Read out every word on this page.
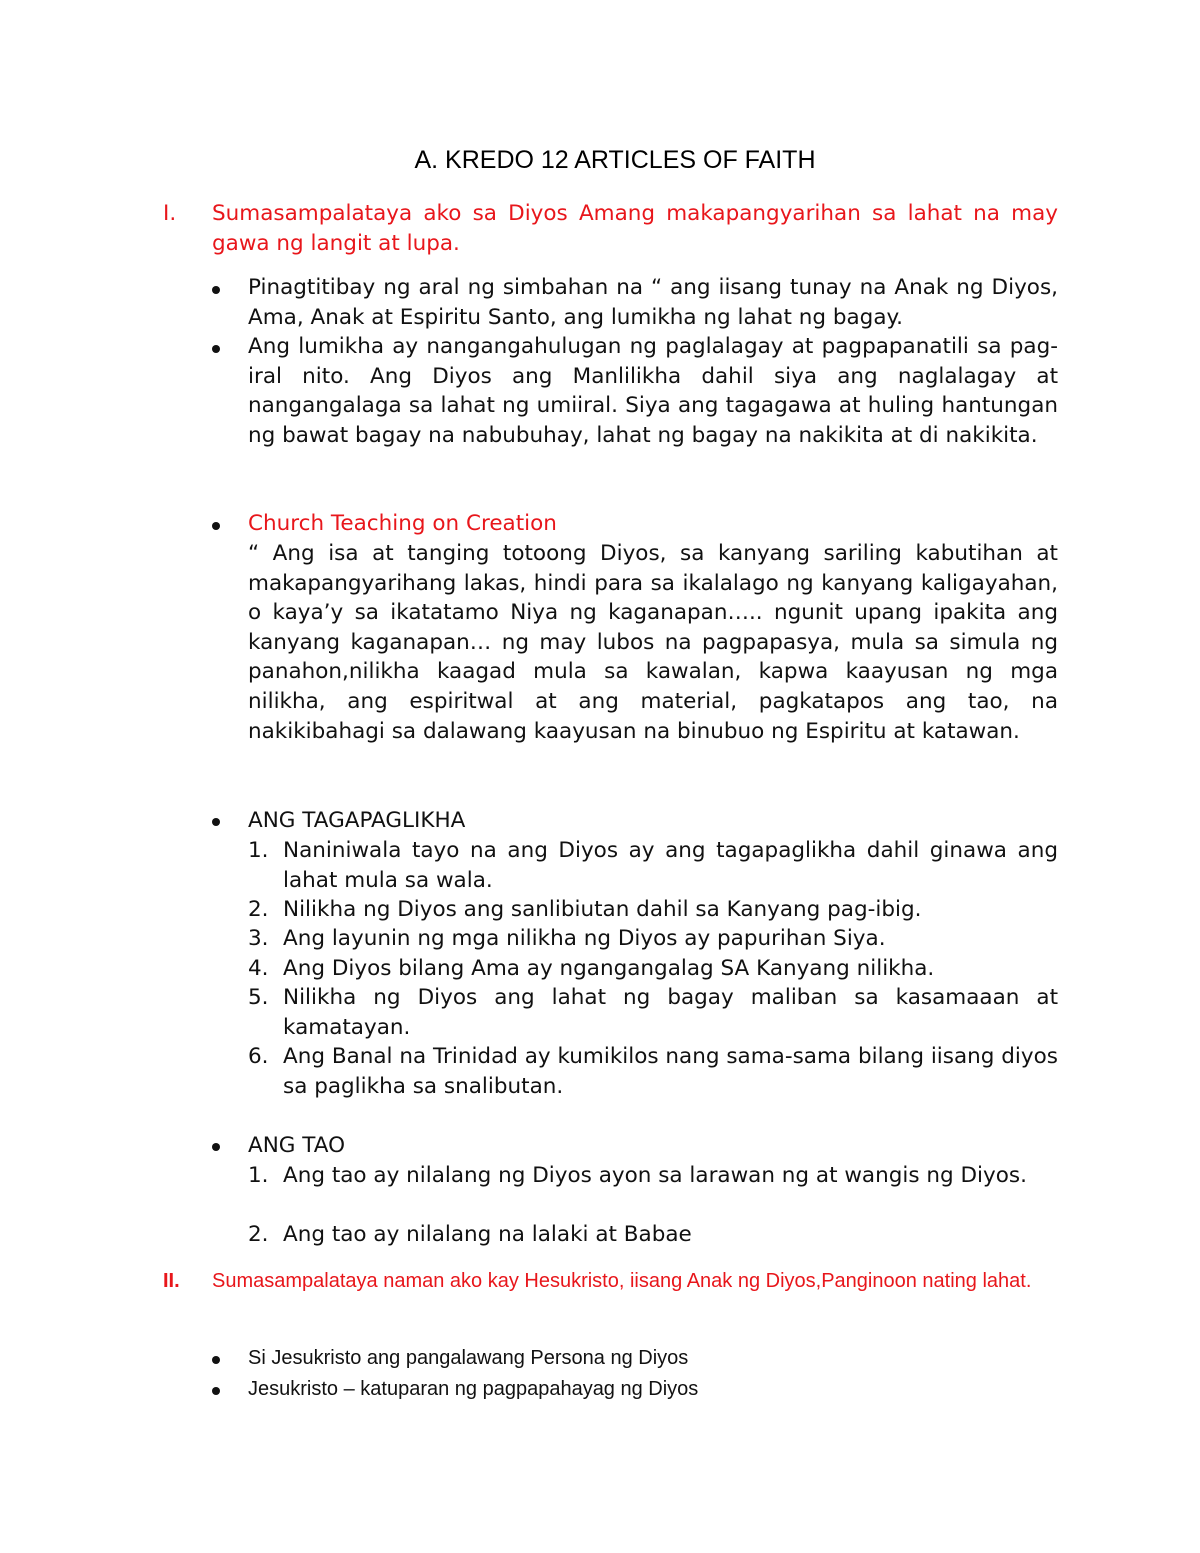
A. KREDO 12 ARTICLES OF FAITH
I. Sumasampalataya ako sa Diyos Amang makapangyarihan sa lahat na may gawa ng langit at lupa.
Pinagtitibay ng aral ng simbahan na “ ang iisang tunay na Anak ng Diyos, Ama, Anak at Espiritu Santo, ang lumikha ng lahat ng bagay.
Ang lumikha ay nangangahulugan ng paglalagay at pagpapanatili sa pag-iral nito. Ang Diyos ang Manlilikha dahil siya ang naglalagay at nangangalaga sa lahat ng umiiral. Siya ang tagagawa at huling hantungan ng bawat bagay na nabubuhay, lahat ng bagay na nakikita at di nakikita.
Church Teaching on Creation
“ Ang isa at tanging totoong Diyos, sa kanyang sariling kabutihan at makapangyarihang lakas, hindi para sa ikalalago ng kanyang kaligayahan, o kaya’y sa ikatatamo Niya ng kaganapan….. ngunit upang ipakita ang kanyang kaganapan… ng may lubos na pagpapasya, mula sa simula ng panahon,nilikha kaagad mula sa kawalan, kapwa kaayusan ng mga nilikha, ang espiritwal at ang material, pagkatapos ang tao, na nakikibahagi sa dalawang kaayusan na binubuo ng Espiritu at katawan.
ANG TAGAPAGLIKHA
1. Naniniwala tayo na ang Diyos ay ang tagapaglikha dahil ginawa ang lahat mula sa wala.
2. Nilikha ng Diyos ang sanlibiutan dahil sa Kanyang pag-ibig.
3. Ang layunin ng mga nilikha ng Diyos ay papurihan Siya.
4. Ang Diyos bilang Ama ay ngangangalag SA Kanyang nilikha.
5. Nilikha ng Diyos ang lahat ng bagay maliban sa kasamaaan at kamatayan.
6. Ang Banal na Trinidad ay kumikilos nang sama-sama bilang iisang diyos sa paglikha sa snalibutan.
ANG TAO
1. Ang tao ay nilalang ng Diyos ayon sa larawan ng at wangis ng Diyos.
2. Ang tao ay nilalang na lalaki at Babae
II. Sumasampalataya naman ako kay Hesukristo, iisang Anak ng Diyos,Panginoon nating lahat.
Si Jesukristo ang pangalawang Persona ng Diyos
Jesukristo – katuparan ng pagpapahayag ng Diyos
